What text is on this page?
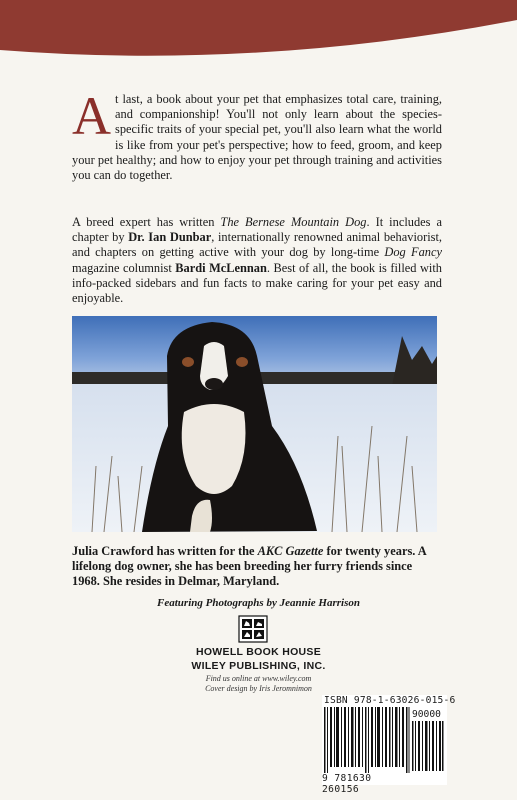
At last, a book about your pet that emphasizes total care, training, and companionship! You'll not only learn about the species-specific traits of your special pet, you'll also learn what the world is like from your pet's perspective; how to feed, groom, and keep your pet healthy; and how to enjoy your pet through training and activities you can do together.

A breed expert has written The Bernese Mountain Dog. It includes a chapter by Dr. Ian Dunbar, internationally renowned animal behaviorist, and chapters on getting active with your dog by long-time Dog Fancy magazine columnist Bardi McLennan. Best of all, the book is filled with info-packed sidebars and fun facts to make caring for your pet easy and enjoyable.

Julia Crawford has written for the AKC Gazette for twenty years. A lifelong dog owner, she has been breeding her furry friends since 1968. She resides in Delmar, Maryland.

Featuring Photographs by Jeannie Harrison
HOWELL BOOK HOUSE
WILEY PUBLISHING, INC.
Find us online at www.wiley.com
Cover design by Iris Jeromnimon
ISBN 978-1-63026-015-6
90000
9 781630 260156
